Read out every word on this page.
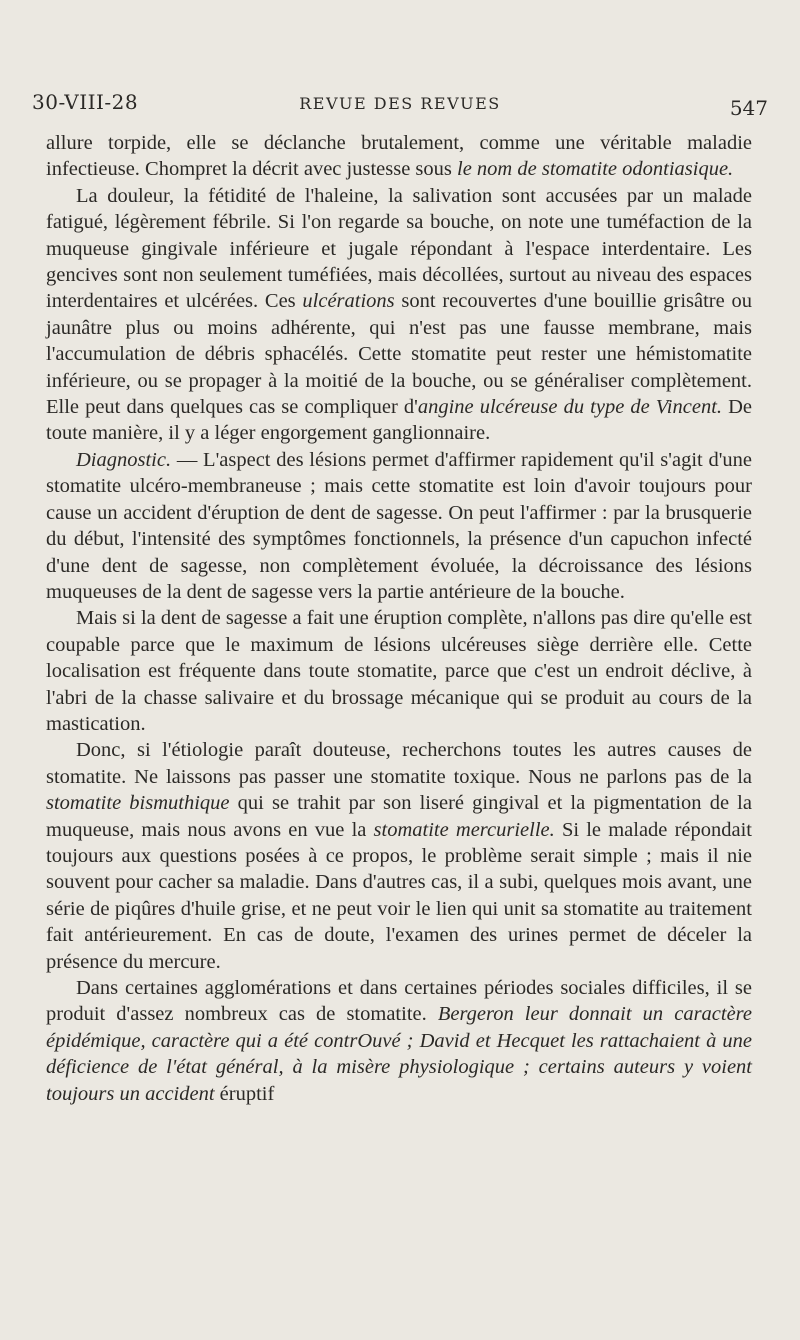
30-VIII-28	REVUE DES REVUES	547

allure torpide, elle se déclanche brutalement, comme une véritable maladie infectieuse. Chompret la décrit avec justesse sous le nom de stomatite odontiasique.

La douleur, la fétidité de l'haleine, la salivation sont accusées par un malade fatigué, légèrement fébrile. Si l'on regarde sa bouche, on note une tuméfaction de la muqueuse gingivale inférieure et jugale répondant à l'espace interdentaire. Les gencives sont non seulement tuméfiées, mais décollées, surtout au niveau des espaces interdentaires et ulcérées. Ces ulcérations sont recouvertes d'une bouillie grisâtre ou jaunâtre plus ou moins adhérente, qui n'est pas une fausse membrane, mais l'accumulation de débris sphacélés. Cette stomatite peut rester une hémistomatite inférieure, ou se propager à la moitié de la bouche, ou se généraliser complètement. Elle peut dans quelques cas se compliquer d'angine ulcéreuse du type de Vincent. De toute manière, il y a léger engorgement ganglionnaire.

Diagnostic. — L'aspect des lésions permet d'affirmer rapidement qu'il s'agit d'une stomatite ulcéro-membraneuse ; mais cette stomatite est loin d'avoir toujours pour cause un accident d'éruption de dent de sagesse. On peut l'affirmer : par la brusquerie du début, l'intensité des symptômes fonctionnels, la présence d'un capuchon infecté d'une dent de sagesse, non complètement évoluée, la décroissance des lésions muqueuses de la dent de sagesse vers la partie antérieure de la bouche.

Mais si la dent de sagesse a fait une éruption complète, n'allons pas dire qu'elle est coupable parce que le maximum de lésions ulcéreuses siège derrière elle. Cette localisation est fréquente dans toute stomatite, parce que c'est un endroit déclive, à l'abri de la chasse salivaire et du brossage mécanique qui se produit au cours de la mastication.

Donc, si l'étiologie paraît douteuse, recherchons toutes les autres causes de stomatite. Ne laissons pas passer une stomatite toxique. Nous ne parlons pas de la stomatite bismuthique qui se trahit par son liseré gingival et la pigmentation de la muqueuse, mais nous avons en vue la stomatite mercurielle. Si le malade répondait toujours aux questions posées à ce propos, le problème serait simple ; mais il nie souvent pour cacher sa maladie. Dans d'autres cas, il a subi, quelques mois avant, une série de piqûres d'huile grise, et ne peut voir le lien qui unit sa stomatite au traitement fait antérieurement. En cas de doute, l'examen des urines permet de déceler la présence du mercure.

Dans certaines agglomérations et dans certaines périodes sociales difficiles, il se produit d'assez nombreux cas de stomatite. Bergeron leur donnait un caractère épidémique, caractère qui a été contrOuvé ; David et Hecquet les rattachaient à une déficience de l'état général, à la misère physiologique ; certains auteurs y voient toujours un accident éruptif
